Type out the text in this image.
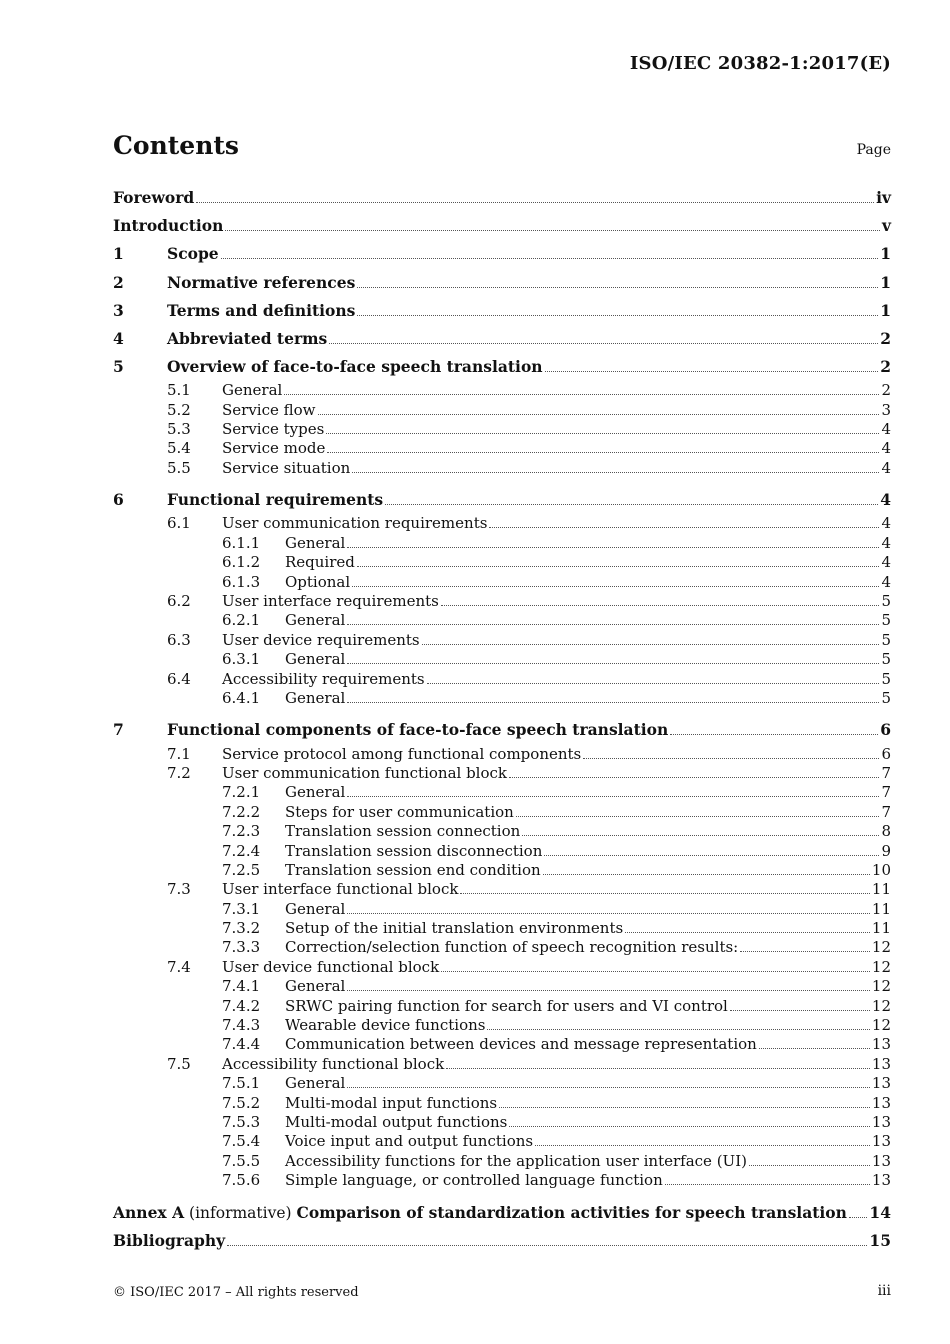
ISO/IEC 20382-1:2017(E)
Contents	Page
Foreword	iv
Introduction	v
1	Scope	1
2	Normative references	1
3	Terms and definitions	1
4	Abbreviated terms	2
5	Overview of face-to-face speech translation	2
5.1	General	2
5.2	Service flow	3
5.3	Service types	4
5.4	Service mode	4
5.5	Service situation	4
6	Functional requirements	4
6.1	User communication requirements	4
6.1.1	General	4
6.1.2	Required	4
6.1.3	Optional	4
6.2	User interface requirements	5
6.2.1	General	5
6.3	User device requirements	5
6.3.1	General	5
6.4	Accessibility requirements	5
6.4.1	General	5
7	Functional components of face-to-face speech translation	6
7.1	Service protocol among functional components	6
7.2	User communication functional block	7
7.2.1	General	7
7.2.2	Steps for user communication	7
7.2.3	Translation session connection	8
7.2.4	Translation session disconnection	9
7.2.5	Translation session end condition	10
7.3	User interface functional block	11
7.3.1	General	11
7.3.2	Setup of the initial translation environments	11
7.3.3	Correction/selection function of speech recognition results:	12
7.4	User device functional block	12
7.4.1	General	12
7.4.2	SRWC pairing function for search for users and VI control	12
7.4.3	Wearable device functions	12
7.4.4	Communication between devices and message representation	13
7.5	Accessibility functional block	13
7.5.1	General	13
7.5.2	Multi-modal input functions	13
7.5.3	Multi-modal output functions	13
7.5.4	Voice input and output functions	13
7.5.5	Accessibility functions for the application user interface (UI)	13
7.5.6	Simple language, or controlled language function	13
Annex A (informative) Comparison of standardization activities for speech translation 14
Bibliography	15
© ISO/IEC 2017 – All rights reserved	iii
